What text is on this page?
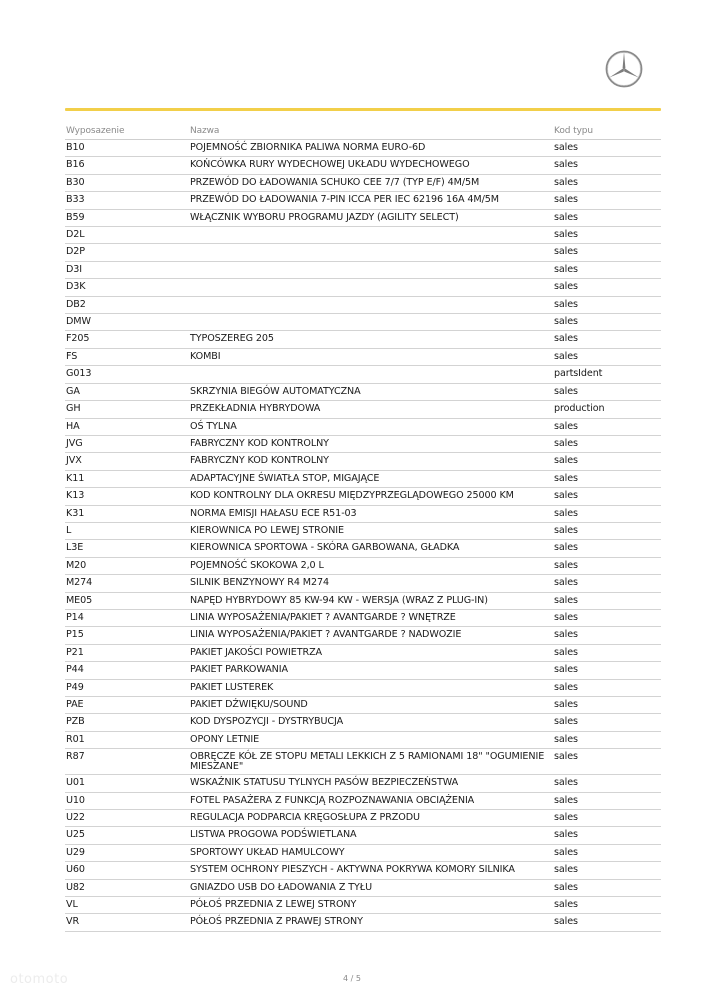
Wyposazenie	Nazwa	Kod typu
B10	POJEMNOŚĆ ZBIORNIKA PALIWA NORMA EURO-6D	sales
B16	KOŃCÓWKA RURY WYDECHOWEJ UKŁADU WYDECHOWEGO	sales
B30	PRZEWÓD DO ŁADOWANIA SCHUKO CEE 7/7 (TYP E/F) 4M/5M	sales
B33	PRZEWÓD DO ŁADOWANIA 7-PIN ICCA PER IEC 62196 16A 4M/5M	sales
B59	WŁĄCZNIK WYBORU PROGRAMU JAZDY (AGILITY SELECT)	sales
D2L		sales
D2P		sales
D3I		sales
D3K		sales
DB2		sales
DMW		sales
F205	TYPOSZEREG 205	sales
FS	KOMBI	sales
G013		partsIdent
GA	SKRZYNIA BIEGÓW AUTOMATYCZNA	sales
GH	PRZEKŁADNIA HYBRYDOWA	production
HA	OŚ TYLNA	sales
JVG	FABRYCZNY KOD KONTROLNY	sales
JVX	FABRYCZNY KOD KONTROLNY	sales
K11	ADAPTACYJNE ŚWIATŁA STOP, MIGAJĄCE	sales
K13	KOD KONTROLNY DLA OKRESU MIĘDZYPRZEGLĄDOWEGO 25000 KM	sales
K31	NORMA EMISJI HAŁASU ECE R51-03	sales
L	KIEROWNICA PO LEWEJ STRONIE	sales
L3E	KIEROWNICA SPORTOWA - SKÓRA GARBOWANA, GŁADKA	sales
M20	POJEMNOŚĆ SKOKOWA 2,0 L	sales
M274	SILNIK BENZYNOWY R4 M274	sales
ME05	NAPĘD HYBRYDOWY 85 KW-94 KW - WERSJA (WRAZ Z PLUG-IN)	sales
P14	LINIA WYPOSAŻENIA/PAKIET ? AVANTGARDE ? WNĘTRZE	sales
P15	LINIA WYPOSAŻENIA/PAKIET ? AVANTGARDE ? NADWOZIE	sales
P21	PAKIET JAKOŚCI POWIETRZA	sales
P44	PAKIET PARKOWANIA	sales
P49	PAKIET LUSTEREK	sales
PAE	PAKIET DŹWIĘKU/SOUND	sales
PZB	KOD DYSPOZYCJI - DYSTRYBUCJA	sales
R01	OPONY LETNIE	sales
R87	OBRĘCZE KÓŁ ZE STOPU METALI LEKKICH Z 5 RAMIONAMI 18" "OGUMIENIE MIESZANE"	sales
U01	WSKAŹNIK STATUSU TYLNYCH PASÓW BEZPIECZEŃSTWA	sales
U10	FOTEL PASAŻERA Z FUNKCJĄ ROZPOZNAWANIA OBCIĄŻENIA	sales
U22	REGULACJA PODPARCIA KRĘGOSŁUPA Z PRZODU	sales
U25	LISTWA PROGOWA PODŚWIETLANA	sales
U29	SPORTOWY UKŁAD HAMULCOWY	sales
U60	SYSTEM OCHRONY PIESZYCH - AKTYWNA POKRYWA KOMORY SILNIKA	sales
U82	GNIAZDO USB DO ŁADOWANIA Z TYŁU	sales
VL	PÓŁOŚ PRZEDNIA Z LEWEJ STRONY	sales
VR	PÓŁOŚ PRZEDNIA Z PRAWEJ STRONY	sales
otomoto	4 / 5
